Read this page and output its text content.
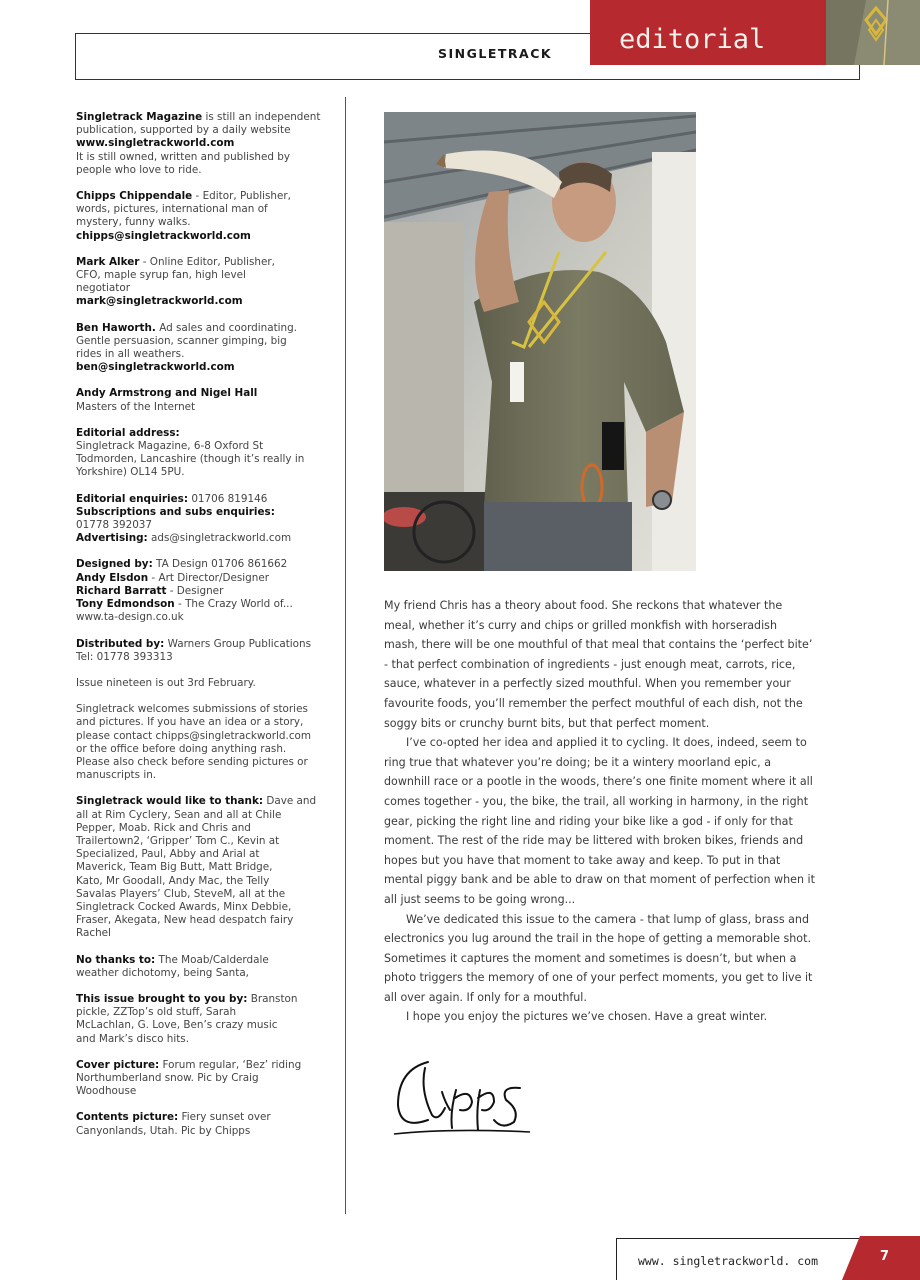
SINGLETRACK editorial

Singletrack Magazine is still an independent
publication, supported by a daily website
www.singletrackworld.com
It is still owned, written and published by
people who love to ride.

Chipps Chippendale - Editor, Publisher,
words, pictures, international man of
mystery, funny walks.
chipps@singletrackworld.com

Mark Alker - Online Editor, Publisher,
CFO, maple syrup fan, high level
negotiator
mark@singletrackworld.com

Ben Haworth. Ad sales and coordinating.
Gentle persuasion, scanner gimping, big
rides in all weathers.
ben@singletrackworld.com

Andy Armstrong and Nigel Hall
Masters of the Internet

Editorial address:
Singletrack Magazine, 6-8 Oxford St
Todmorden, Lancashire (though it’s really in
Yorkshire) OL14 5PU.

Editorial enquiries: 01706 819146
Subscriptions and subs enquiries:
01778 392037
Advertising: ads@singletrackworld.com

Designed by: TA Design 01706 861662
Andy Elsdon - Art Director/Designer
Richard Barratt - Designer
Tony Edmondson - The Crazy World of...
www.ta-design.co.uk

Distributed by: Warners Group Publications
Tel: 01778 393313

Issue nineteen is out 3rd February.

Singletrack welcomes submissions of stories
and pictures. If you have an idea or a story,
please contact chipps@singletrackworld.com
or the office before doing anything rash.
Please also check before sending pictures or
manuscripts in.

Singletrack would like to thank: Dave and
all at Rim Cyclery, Sean and all at Chile
Pepper, Moab. Rick and Chris and
Trailertown2, ‘Gripper’ Tom C., Kevin at
Specialized, Paul, Abby and Arial at
Maverick, Team Big Butt, Matt Bridge,
Kato, Mr Goodall, Andy Mac, the Telly
Savalas Players’ Club, SteveM, all at the
Singletrack Cocked Awards, Minx Debbie,
Fraser, Akegata, New head despatch fairy
Rachel

No thanks to: The Moab/Calderdale
weather dichotomy, being Santa,

This issue brought to you by: Branston
pickle, ZZTop’s old stuff, Sarah
McLachlan, G. Love, Ben’s crazy music
and Mark’s disco hits.

Cover picture: Forum regular, ‘Bez’ riding
Northumberland snow. Pic by Craig
Woodhouse

Contents picture: Fiery sunset over
Canyonlands, Utah. Pic by Chipps

My friend Chris has a theory about food. She reckons that whatever the
meal, whether it’s curry and chips or grilled monkfish with horseradish
mash, there will be one mouthful of that meal that contains the ‘perfect bite’
- that perfect combination of ingredients - just enough meat, carrots, rice,
sauce, whatever in a perfectly sized mouthful. When you remember your
favourite foods, you’ll remember the perfect mouthful of each dish, not the
soggy bits or crunchy burnt bits, but that perfect moment.

I’ve co-opted her idea and applied it to cycling. It does, indeed, seem to
ring true that whatever you’re doing; be it a wintery moorland epic, a
downhill race or a pootle in the woods, there’s one finite moment where it all
comes together - you, the bike, the trail, all working in harmony, in the right
gear, picking the right line and riding your bike like a god - if only for that
moment. The rest of the ride may be littered with broken bikes, friends and
hopes but you have that moment to take away and keep. To put in that
mental piggy bank and be able to draw on that moment of perfection when it
all just seems to be going wrong...

We’ve dedicated this issue to the camera - that lump of glass, brass and
electronics you lug around the trail in the hope of getting a memorable shot.
Sometimes it captures the moment and sometimes is doesn’t, but when a
photo triggers the memory of one of your perfect moments, you get to live it
all over again. If only for a mouthful.

I hope you enjoy the pictures we’ve chosen. Have a great winter.

www. singletrackworld. com	7
